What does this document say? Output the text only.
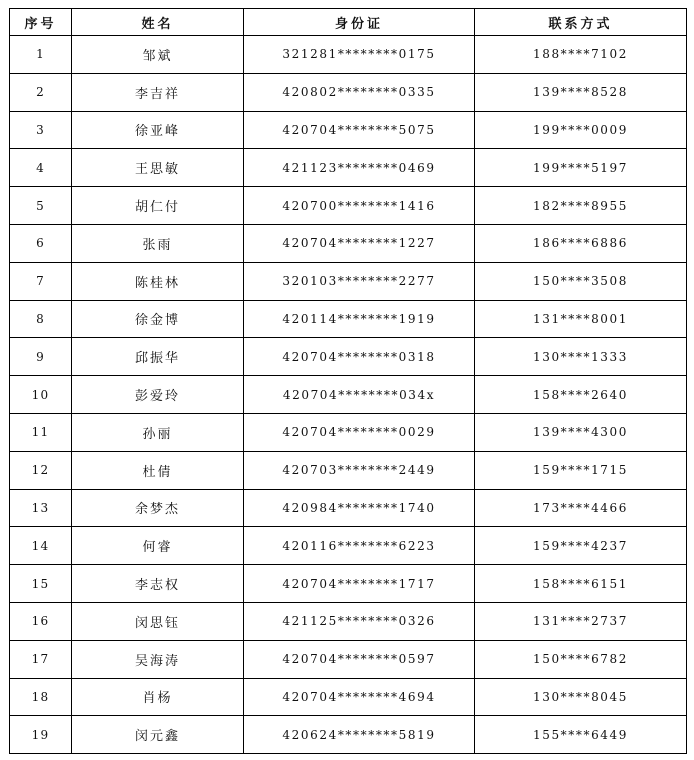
序号	姓名	身份证	联系方式
1	邹斌	321281********0175	188****7102
2	李吉祥	420802********0335	139****8528
3	徐亚峰	420704********5075	199****0009
4	王思敏	421123********0469	199****5197
5	胡仁付	420700********1416	182****8955
6	张雨	420704********1227	186****6886
7	陈桂林	320103********2277	150****3508
8	徐金博	420114********1919	131****8001
9	邱振华	420704********0318	130****1333
10	彭爱玲	420704********034x	158****2640
11	孙丽	420704********0029	139****4300
12	杜倩	420703********2449	159****1715
13	余梦杰	420984********1740	173****4466
14	何睿	420116********6223	159****4237
15	李志权	420704********1717	158****6151
16	闵思钰	421125********0326	131****2737
17	吴海涛	420704********0597	150****6782
18	肖杨	420704********4694	130****8045
19	闵元鑫	420624********5819	155****6449
